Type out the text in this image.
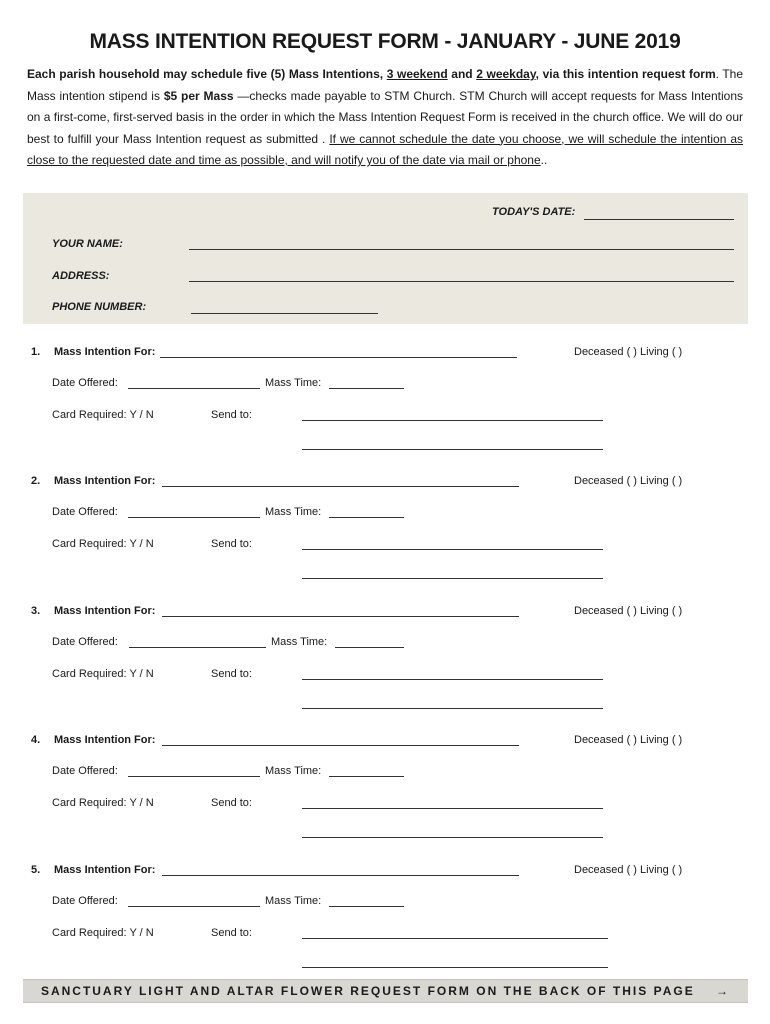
MASS INTENTION REQUEST FORM - JANUARY - JUNE 2019
Each parish household may schedule five (5) Mass Intentions, 3 weekend and 2 weekday, via this intention request form. The Mass intention stipend is $5 per Mass —checks made payable to STM Church. STM Church will accept requests for Mass Intentions on a first-come, first-served basis in the order in which the Mass Intention Request Form is received in the church office. We will do our best to fulfill your Mass Intention request as submitted . If we cannot schedule the date you choose, we will schedule the intention as close to the requested date and time as possible, and will notify you of the date via mail or phone..
TODAY'S DATE:
YOUR NAME:
ADDRESS:
PHONE NUMBER:
1. Mass Intention For:	Deceased ( ) Living ( )
Date Offered:	Mass Time:
Card Required: Y / N	Send to:
2. Mass Intention For:	Deceased ( ) Living ( )
Date Offered:	Mass Time:
Card Required: Y / N	Send to:
3. Mass Intention For:	Deceased ( ) Living ( )
Date Offered:	Mass Time:
Card Required: Y / N	Send to:
4. Mass Intention For:	Deceased ( ) Living ( )
Date Offered:	Mass Time:
Card Required: Y / N	Send to:
5. Mass Intention For:	Deceased ( ) Living ( )
Date Offered:	Mass Time:
Card Required: Y / N	Send to:
SANCTUARY LIGHT AND ALTAR FLOWER REQUEST FORM ON THE BACK OF THIS PAGE →
